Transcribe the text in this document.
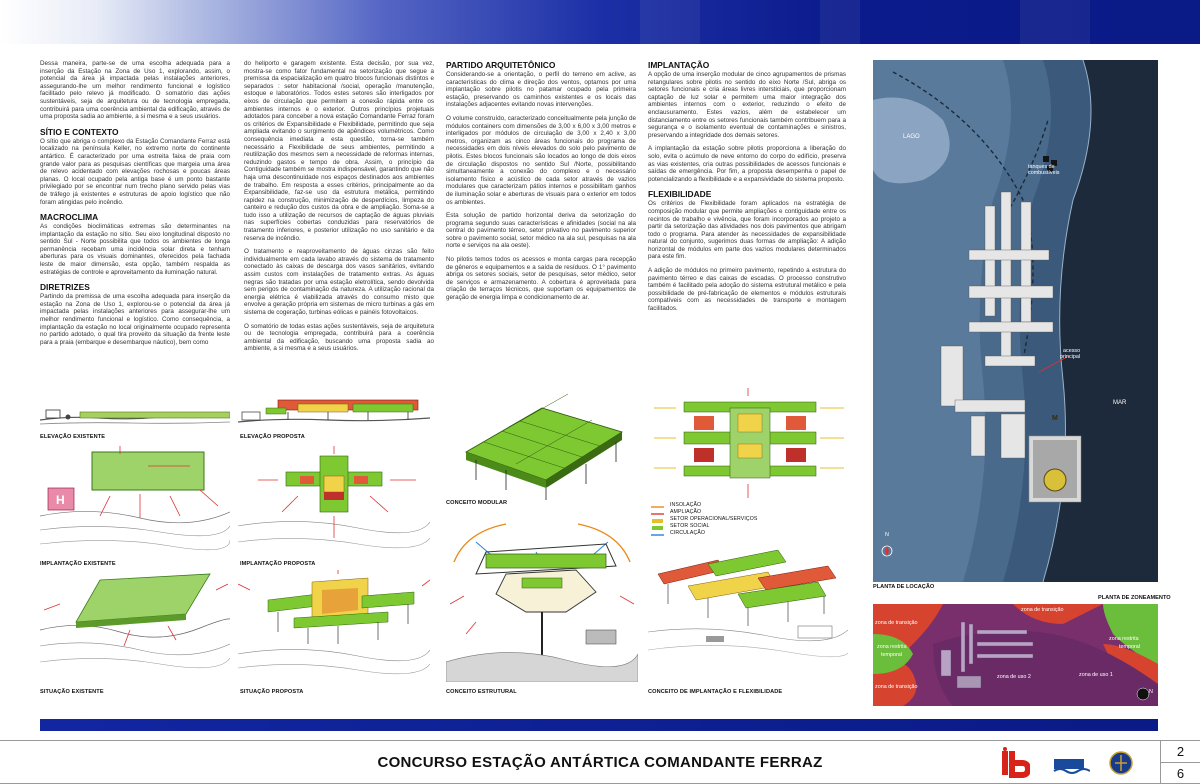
Dessa maneira, parte-se de uma escolha adequada para a inserção da Estação na Zona de Uso 1, explorando, assim, o potencial da área já impactada pelas instalações anteriores, assegurando-lhe um melhor rendimento funcional e logístico facilitado pelo relevo já modificado. O somatório das ações sustentáveis, seja de arquitetura ou de tecnologia empregada, contribuirá para uma coerência ambiental da edificação, através de uma proposta sadia ao ambiente, a si mesma e a seus usuários.

SÍTIO E CONTEXTO

O sítio que abriga o complexo da Estação Comandante Ferraz está localizado na península Keller, no extremo norte do continente antártico. É caracterizado por uma estreita faixa de praia com grande valor para as pesquisas científicas que margeia uma área de relevo acidentado com elevações rochosas e poucas áreas planas. O local ocupado pela antiga base é um ponto bastante privilegiado por se encontrar num trecho plano servido pelas vias de tráfego já existentes e estruturas de apoio logístico que não foram atingidas pelo incêndio.

MACROCLIMA

As condições bioclimáticas extremas são determinantes na implantação da estação no sítio. Seu eixo longitudinal disposto no sentido Sul - Norte possibilita que todos os ambientes de longa permanência recebam uma incidência solar direta e tenham aberturas para os visuais dominantes, oferecidos pela fachada leste de maior dimensão, esta opção, também respalda as estratégias de controle e aproveitamento da iluminação natural.

DIRETRIZES

Partindo da premissa de uma escolha adequada para inserção da estação na Zona de Uso 1, explorou-se o potencial da área já impactada pelas instalações anteriores para assegurar-lhe um melhor rendimento funcional e logístico. Como consequência, a implantação da estação no local originalmente ocupado representa no partido adotado, o qual tira proveito da situação da frente leste para a praia (embarque e desembarque náutico), bem como

do heliporto e garagem existente. Esta decisão, por sua vez, mostra-se como fator fundamental na setorização que segue a premissa da espacialização em quatro blocos funcionais distintos e separados : setor habitacional /social, operação /manutenção, estoque e laboratórios. Todos estes setores são interligados por eixos de circulação que permitem a conexão rápida entre os ambientes internos e o exterior. Outros princípios projetuais adotados para conceber a nova estação Comandante Ferraz foram os critérios de Expansibilidade e Flexibilidade, permitindo que seja ampliada evitando o surgimento de apêndices volumétricos. Como consequência imediata a esta questão, torna-se também necessário a Flexibilidade de seus ambientes, permitindo a reutilização dos mesmos sem a necessidade de reformas internas, reduzindo gastos e tempo de obra. Assim, o princípio da Contiguidade também se mostra indispensável, garantindo que não haja uma descontinuidade nos espaços destinados aos ambientes de trabalho. Em resposta a esses critérios, principalmente ao da Expansibilidade, faz-se uso da estrutura metálica, permitindo rapidez na construção, minimização de desperdícios, limpeza do canteiro e redução dos custos da obra e de ampliação. Soma-se a tudo isso a utilização de recursos de captação de águas pluviais nas superfícies cobertas conduzidas para reservatórios de tratamento inferiores, e posterior utilização no uso sanitário e da reserva de incêndio.

O tratamento e reaproveitamento de águas cinzas são feito individualmente em cada lavabo através do sistema de tratamento conectado às caixas de descarga dos vasos sanitários, evitando assim custos com instalações de tratamento extras. As águas negras são tratadas por uma estação eletrolítica, sendo devolvida sem perigos de contaminação da natureza. A utilização racional da energia elétrica é viabilizada através do consumo misto que envolve a geração própria em sistemas de micro turbinas a gás em sistema de cogeração, turbinas eólicas e painéis fotovoltaicos.

O somatório de todas estas ações sustentáveis, seja de arquitetura ou de tecnologia empregada, contribuirá para a coerência ambiental da edificação, buscando uma proposta sadia ao ambiente, a si mesma e a seus usuários.

PARTIDO ARQUITETÔNICO

Considerando-se a orientação, o perfil do terreno em aclive, as características do clima e direção dos ventos, optamos por uma implantação sobre pilotis no patamar ocupado pela primeira estação, preservando os caminhos existentes e os locais das instalações adjacentes evitando novas intervenções.

O volume construído, caracterizado conceitualmente pela junção de módulos containers com dimensões de 3,00 x 6,00 x 3,00 metros e interligados por módulos de circulação de 3,00 x 2,40 x 3,00 metros, organizam as cinco áreas funcionais do programa de necessidades em dois níveis elevados do solo pelo pavimento de pilotis. Estes blocos funcionais são locados ao longo de dois eixos de circulação dispostos no sentido Sul /Norte, possibilitando simultaneamente a conexão do complexo e o necessário isolamento físico e acústico de cada setor através de vazios modulares que caracterizam pátios internos e possibilitam ganhos de iluminação solar e aberturas de visuais para o exterior em todos os ambientes.

Esta solução de partido horizontal deriva da setorização do programa segundo suas características e afinidades (social na ala central do pavimento térreo, setor privativo no pavimento superior sobre o pavimento social, setor médico na ala sul, pesquisas na ala norte e serviços na ala oeste).

No pilotis temos todos os acessos e monta cargas para recepção de gêneros e equipamentos e a saída de resíduos. O 1° pavimento abriga os setores sociais, setor de pesquisas, setor médico, setor de serviços e armazenamento. A cobertura é aproveitada para criação de terraços técnicos, que suportam os equipamentos de geração de energia limpa e condicionamento de ar.

IMPLANTAÇÃO

A opção de uma inserção modular de cinco agrupamentos de prismas retangulares sobre pilotis no sentido do eixo Norte /Sul, abriga os setores funcionais e cria áreas livres intersticiais, que proporcionam captação de luz solar e permitem uma maior integração dos ambientes internos com o exterior, reduzindo o efeito de enclausuramento. Estes vazios, além de estabelecer um distanciamento entre os setores funcionais também contribuem para a segurança e o isolamento eventual de contaminações e sinistros, preservando a integridade dos demais setores.

A implantação da estação sobre pilotis proporciona a liberação do solo, evita o acúmulo de neve entorno do corpo do edifício, preserva as vias existentes, cria outras possibilidades de acessos funcionais e saídas de emergência. Por fim, a proposta desempenha o papel de potencializando a flexibilidade e a expansividade do sistema proposto.

FLEXIBILIDADE

Os critérios de Flexibilidade foram aplicados na estratégia de composição modular que permite ampliações e contiguidade entre os recintos de trabalho e vivência, que foram incorporados ao projeto a partir da setorização das atividades nos dois pavimentos que abrigam todo o programa. Para atender às necessidades de expansibilidade natural do conjunto, sugerimos duas formas de ampliação: A adição horizontal de módulos em parte dos vazios modulares determinados para este fim.

A adição de módulos no primeiro pavimento, repetindo a estrutura do pavimento térreo e das caixas de escadas. O processo construtivo também é facilitado pela adoção do sistema estrutural metálico e pela possibilidade de pré-fabricação de elementos e módulos estruturais compatíveis com as necessidades de transporte e montagem facilitados.

ELEVAÇÃO EXISTENTE	ELEVAÇÃO PROPOSTA
H
IMPLANTAÇÃO EXISTENTE	IMPLANTAÇÃO PROPOSTA
SITUAÇÃO EXISTENTE	SITUAÇÃO PROPOSTA
CONCEITO MODULAR
CONCEITO ESTRUTURAL
INSOLAÇÃO
AMPLIAÇÃO
SETOR OPERACIONAL/SERVIÇOS
SETOR SOCIAL
CIRCULAÇÃO
CONCEITO DE IMPLANTAÇÃO E FLEXIBILIDADE
LAGO
tanques de
combustíveis
acesso
principal
MAR
N
M
PLANTA DE LOCAÇÃO
PLANTA DE ZONEAMENTO
zona de transição
zona de transição
zona de transição
zona restrita
temporal
zona restrita
temporal
zona de uso 2	zona de uso 1
N
CONCURSO ESTAÇÃO ANTÁRTICA COMANDANTE FERRAZ
2
6
